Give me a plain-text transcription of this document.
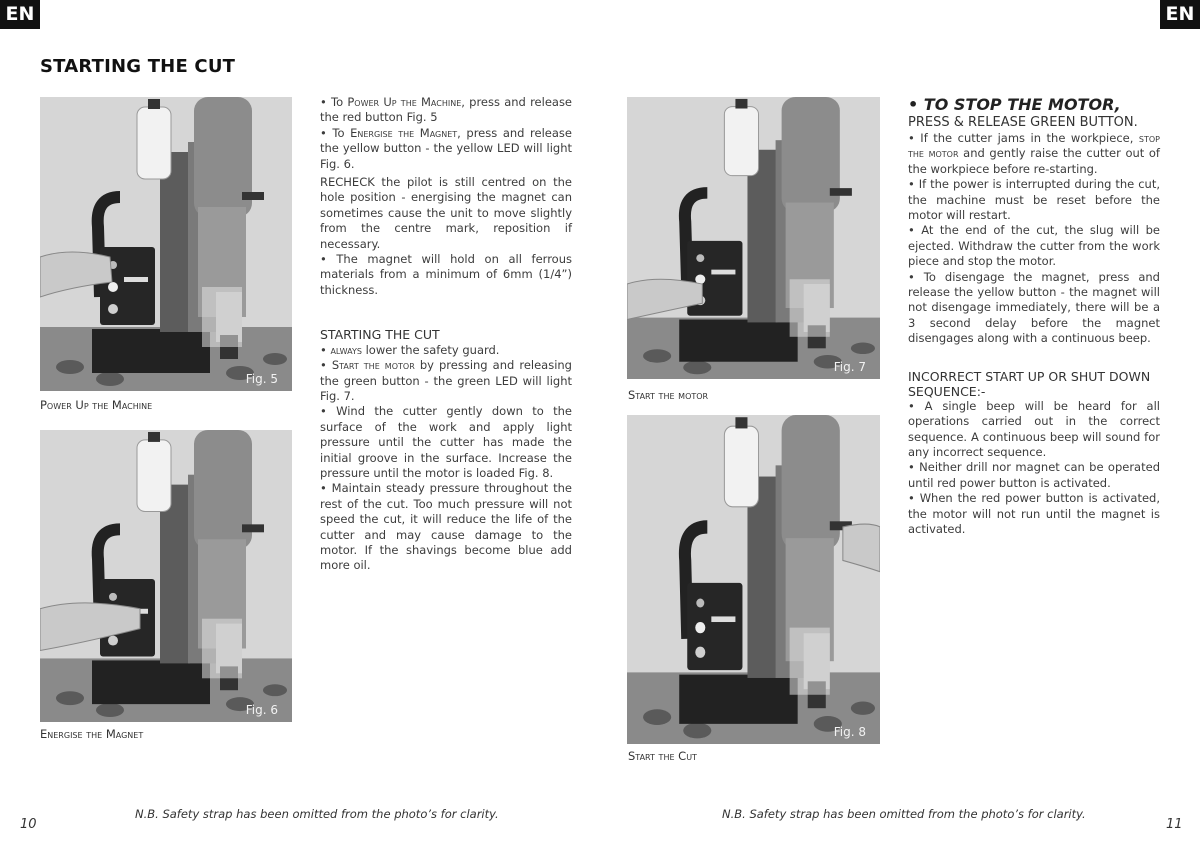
EN	EN
STARTING THE CUT
Fig. 5
Power Up the Machine
Fig. 6
Energise the Magnet
Fig. 7
Start the motor
Fig. 8
Start the Cut

• To Power Up the Machine, press and release the red button Fig. 5

• To Energise the Magnet, press and release the yellow button - the yellow LED will light Fig. 6.

RECHECK the pilot is still centred on the hole position - energising the magnet can sometimes cause the unit to move slightly from the centre mark, reposition if necessary.

• The magnet will hold on all ferrous materials from a minimum of 6mm (1/4”) thickness.

STARTING THE CUT

• always lower the safety guard.

• Start the motor by pressing and releasing the green button - the green LED will light Fig. 7.

• Wind the cutter gently down to the surface of the work and apply light pressure until the cutter has made the initial groove in the surface. Increase the pressure until the motor is loaded Fig. 8.

• Maintain steady pressure throughout the rest of the cut. Too much pressure will not speed the cut, it will reduce the life of the cutter and may cause damage to the motor. If the shavings become blue add more oil.

• TO STOP THE MOTOR,

PRESS & RELEASE GREEN BUTTON.

• If the cutter jams in the workpiece, stop the motor and gently raise the cutter out of the workpiece before re-starting.

• If the power is interrupted during the cut, the machine must be reset before the motor will restart.

• At the end of the cut, the slug will be ejected. Withdraw the cutter from the work piece and stop the motor.

• To disengage the magnet, press and release the yellow button - the magnet will not disengage immediately, there will be a 3 second delay before the magnet disengages along with a continuous beep.

INCORRECT START UP OR SHUT DOWN SEQUENCE:-

• A single beep will be heard for all operations carried out in the correct sequence. A continuous beep will sound for any incorrect sequence.

• Neither drill nor magnet can be operated until red power button is activated.

• When the red power button is activated, the motor will not run until the magnet is activated.

N.B. Safety strap has been omitted from the photo’s for clarity.	N.B. Safety strap has been omitted from the photo’s for clarity.
10	11
